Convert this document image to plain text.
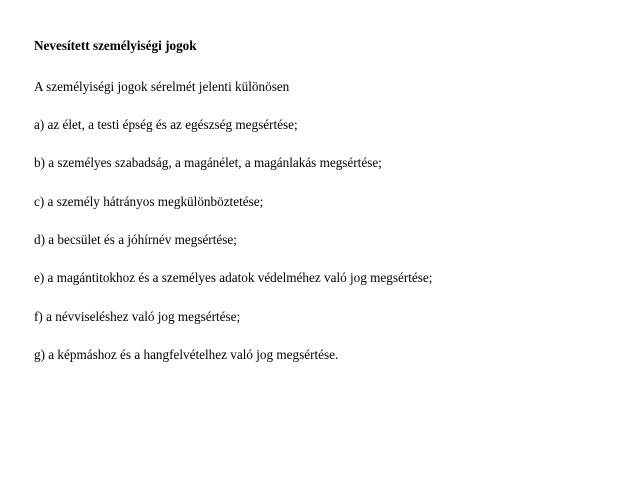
Nevesített személyiségi jogok

A személyiségi jogok sérelmét jelenti különösen

a) az élet, a testi épség és az egészség megsértése;

b) a személyes szabadság, a magánélet, a magánlakás megsértése;

c) a személy hátrányos megkülönböztetése;

d) a becsület és a jóhírnév megsértése;

e) a magántitokhoz és a személyes adatok védelméhez való jog megsértése;

f) a névviseléshez való jog megsértése;

g) a képmáshoz és a hangfelvételhez való jog megsértése.
